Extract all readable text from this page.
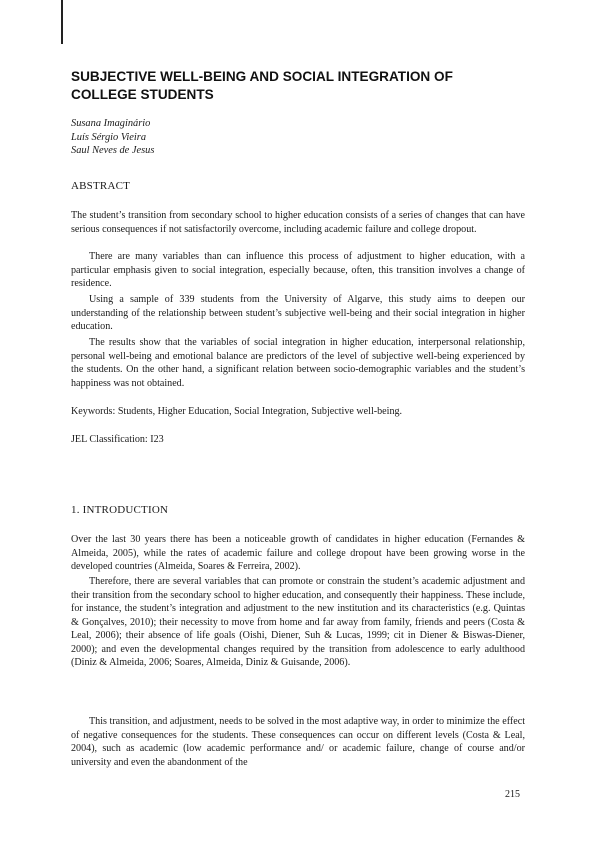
SUBJECTIVE WELL-BEING AND SOCIAL INTEGRATION OF
COLLEGE STUDENTS
Susana Imaginário
Luís Sérgio Vieira
Saul Neves de Jesus
ABSTRACT

The student’s transition from secondary school to higher education consists of a series of changes that can have serious consequences if not satisfactorily overcome, including academic failure and college dropout.

There are many variables than can influence this process of adjustment to higher education, with a particular emphasis given to social integration, especially because, often, this transition involves a change of residence.

Using a sample of 339 students from the University of Algarve, this study aims to deepen our understanding of the relationship between student’s subjective well-being and their social integration in higher education.

The results show that the variables of social integration in higher education, interpersonal relationship, personal well-being and emotional balance are predictors of the level of subjective well-being experienced by the students. On the other hand, a significant relation between socio-demographic variables and the student’s happiness was not obtained.

Keywords: Students, Higher Education, Social Integration, Subjective well-being.

JEL Classification: I23

1. INTRODUCTION

Over the last 30 years there has been a noticeable growth of candidates in higher education (Fernandes & Almeida, 2005), while the rates of academic failure and college dropout have been growing worse in the developed countries (Almeida, Soares & Ferreira, 2002).

Therefore, there are several variables that can promote or constrain the student’s academic adjustment and their transition from the secondary school to higher education, and consequently their happiness. These include, for instance, the student’s integration and adjustment to the new institution and its characteristics (e.g. Quintas & Gonçalves, 2010); their necessity to move from home and far away from family, friends and peers (Costa & Leal, 2006); their absence of life goals (Oishi, Diener, Suh & Lucas, 1999; cit in Diener & Biswas-Diener, 2000); and even the developmental changes required by the transition from adolescence to early adulthood (Diniz & Almeida, 2006; Soares, Almeida, Diniz & Guisande, 2006).

This transition, and adjustment, needs to be solved in the most adaptive way, in order to minimize the effect of negative consequences for the students. These consequences can occur on different levels (Costa & Leal, 2004), such as academic (low academic performance and/ or academic failure, change of course and/or university and even the abandonment of the

215
